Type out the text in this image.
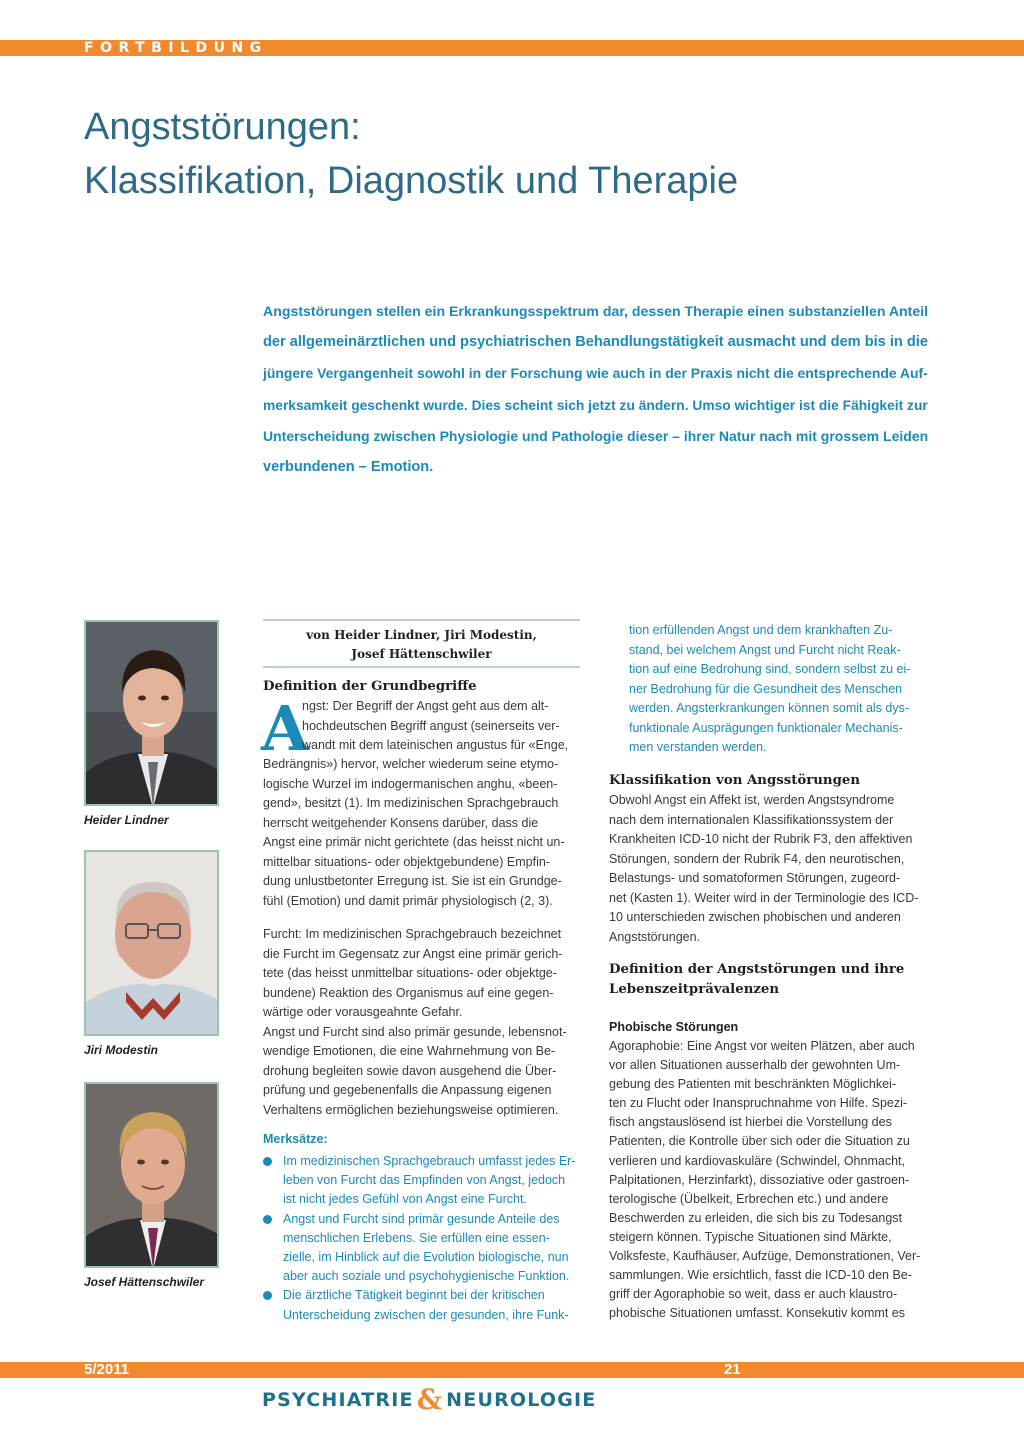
FORTBILDUNG
Angststörungen:
Klassifikation, Diagnostik und Therapie

Angststörungen stellen ein Erkrankungsspektrum dar, dessen Therapie einen substanziellen Anteil

der allgemeinärztlichen und psychiatrischen Behandlungstätigkeit ausmacht und dem bis in die

jüngere Vergangenheit sowohl in der Forschung wie auch in der Praxis nicht die entsprechende Auf-

merksamkeit geschenkt wurde. Dies scheint sich jetzt zu ändern. Umso wichtiger ist die Fähigkeit zur

Unterscheidung zwischen Physiologie und Pathologie dieser – ihrer Natur nach mit grossem Leiden

verbundenen – Emotion.

Heider Lindner
Jiri Modestin
Josef Hättenschwiler
von Heider Lindner, Jiri Modestin,
Josef Hättenschwiler
Definition der Grundbegriffe
A
ngst: Der Begriff der Angst geht aus dem alt-
hochdeutschen Begriff angust (seinerseits ver-
wandt mit dem lateinischen angustus für «Enge,
Bedrängnis») hervor, welcher wiederum seine etymo-
logische Wurzel im indogermanischen anghu, «been-
gend», besitzt (1). Im medizinischen Sprachgebrauch
herrscht weitgehender Konsens darüber, dass die
Angst eine primär nicht gerichtete (das heisst nicht un-
mittelbar situations- oder objektgebundene) Empfin-
dung unlustbetonter Erregung ist. Sie ist ein Grundge-
fühl (Emotion) und damit primär physiologisch (2, 3).
Furcht: Im medizinischen Sprachgebrauch bezeichnet
die Furcht im Gegensatz zur Angst eine primär gerich-
tete (das heisst unmittelbar situations- oder objektge-
bundene) Reaktion des Organismus auf eine gegen-
wärtige oder vorausgeahnte Gefahr.
Angst und Furcht sind also primär gesunde, lebensnot-
wendige Emotionen, die eine Wahrnehmung von Be-
drohung begleiten sowie davon ausgehend die Über-
prüfung und gegebenenfalls die Anpassung eigenen
Verhaltens ermöglichen beziehungsweise optimieren.
Merksätze:
Im medizinischen Sprachgebrauch umfasst jedes Er-
leben von Furcht das Empfinden von Angst, jedoch
ist nicht jedes Gefühl von Angst eine Furcht.
Angst und Furcht sind primär gesunde Anteile des
menschlichen Erlebens. Sie erfüllen eine essen-
zielle, im Hinblick auf die Evolution biologische, nun
aber auch soziale und psychohygienische Funktion.
Die ärztliche Tätigkeit beginnt bei der kritischen
Unterscheidung zwischen der gesunden, ihre Funk-
tion erfüllenden Angst und dem krankhaften Zu-
stand, bei welchem Angst und Furcht nicht Reak-
tion auf eine Bedrohung sind, sondern selbst zu ei-
ner Bedrohung für die Gesundheit des Menschen
werden. Angsterkrankungen können somit als dys-
funktionale Ausprägungen funktionaler Mechanis-
men verstanden werden.
Klassifikation von Angsstörungen
Obwohl Angst ein Affekt ist, werden Angstsyndrome
nach dem internationalen Klassifikationssystem der
Krankheiten ICD-10 nicht der Rubrik F3, den affektiven
Störungen, sondern der Rubrik F4, den neurotischen,
Belastungs- und somatoformen Störungen, zugeord-
net (Kasten 1). Weiter wird in der Terminologie des ICD-
10 unterschieden zwischen phobischen und anderen
Angststörungen.
Definition der Angststörungen und ihre
Lebenszeitprävalenzen
Phobische Störungen
Agoraphobie: Eine Angst vor weiten Plätzen, aber auch
vor allen Situationen ausserhalb der gewohnten Um-
gebung des Patienten mit beschränkten Möglichkei-
ten zu Flucht oder Inanspruchnahme von Hilfe. Spezi-
fisch angstauslösend ist hierbei die Vorstellung des
Patienten, die Kontrolle über sich oder die Situation zu
verlieren und kardiovaskuläre (Schwindel, Ohnmacht,
Palpitationen, Herzinfarkt), dissoziative oder gastroen-
terologische (Übelkeit, Erbrechen etc.) und andere
Beschwerden zu erleiden, die sich bis zu Todesangst
steigern können. Typische Situationen sind Märkte,
Volksfeste, Kaufhäuser, Aufzüge, Demonstrationen, Ver-
sammlungen. Wie ersichtlich, fasst die ICD-10 den Be-
griff der Agoraphobie so weit, dass er auch klaustro-
phobische Situationen umfasst. Konsekutiv kommt es
5/2011	21
PSYCHIATRIE & NEUROLOGIE
